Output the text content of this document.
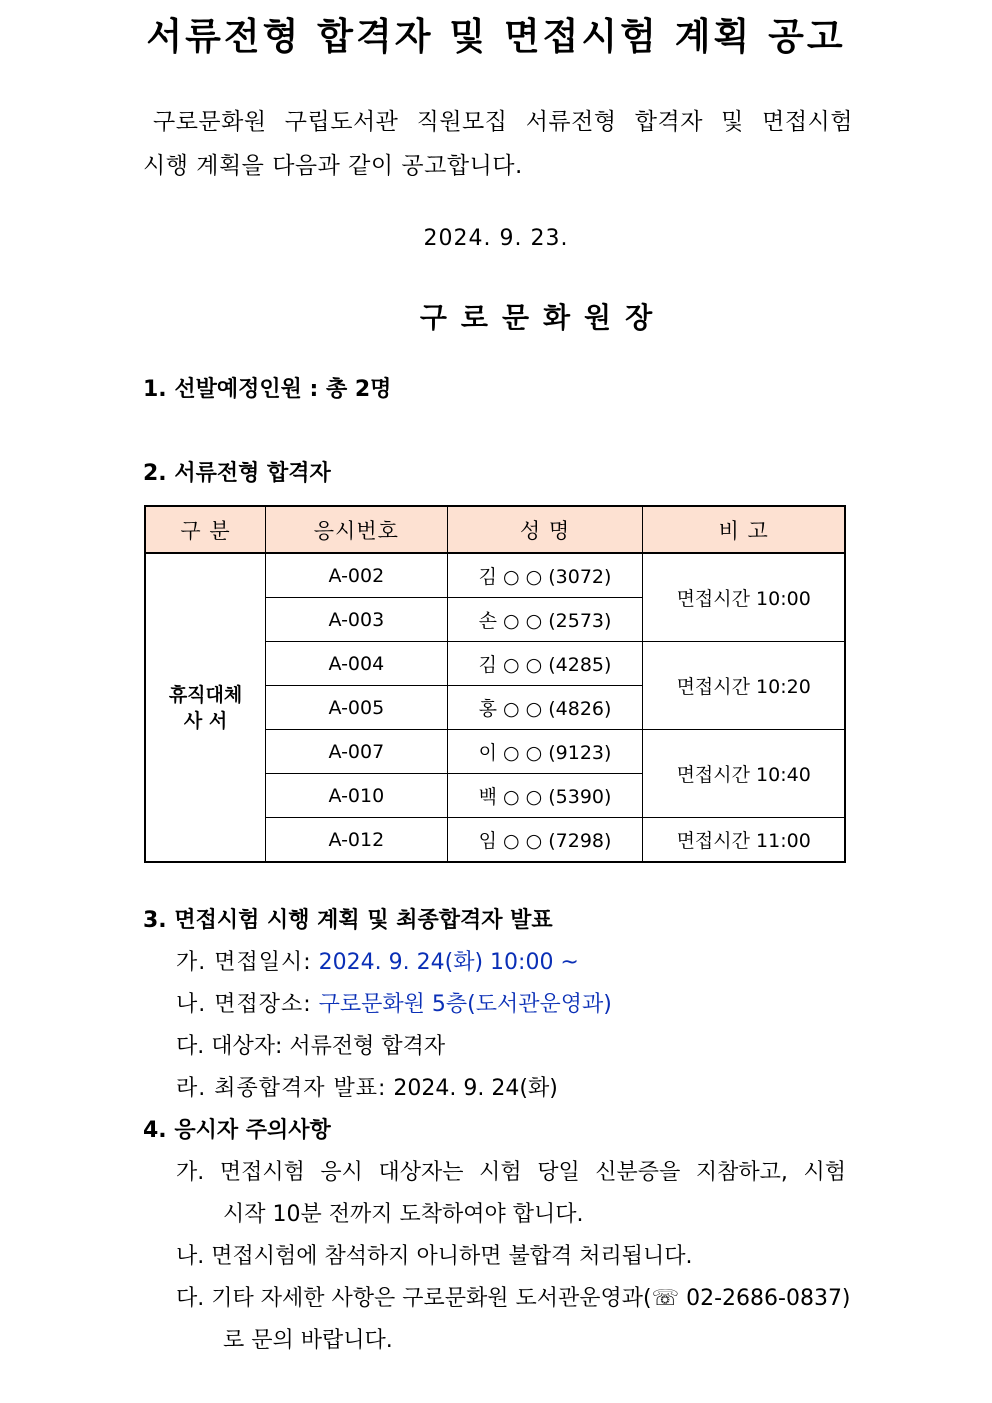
서류전형 합격자 및 면접시험 계획 공고
구로문화원 구립도서관 직원모집 서류전형 합격자 및 면접시험
시행 계획을 다음과 같이 공고합니다.
2024. 9. 23.
구로문화원장
1. 선발예정인원 : 총 2명
2. 서류전형 합격자
구 분	응시번호	성 명	비 고

휴직대체
사 서	A-002	김 ○ ○ (3072)	면접시간 10:00
	A-003	손 ○ ○ (2573)	
	A-004	김 ○ ○ (4285)	면접시간 10:20
	A-005	홍 ○ ○ (4826)	
	A-007	이 ○ ○ (9123)	면접시간 10:40
	A-010	백 ○ ○ (5390)	
	A-012	임 ○ ○ (7298)	면접시간 11:00
3. 면접시험 시행 계획 및 최종합격자 발표
가. 면접일시: 2024. 9. 24(화) 10:00 ~
나. 면접장소: 구로문화원 5층(도서관운영과)
다. 대상자: 서류전형 합격자
라. 최종합격자 발표: 2024. 9. 24(화)
4. 응시자 주의사항
가. 면접시험 응시 대상자는 시험 당일 신분증을 지참하고, 시험
시작 10분 전까지 도착하여야 합니다.
나. 면접시험에 참석하지 아니하면 불합격 처리됩니다.
다. 기타 자세한 사항은 구로문화원 도서관운영과(☏ 02-2686-0837)
로 문의 바랍니다.
